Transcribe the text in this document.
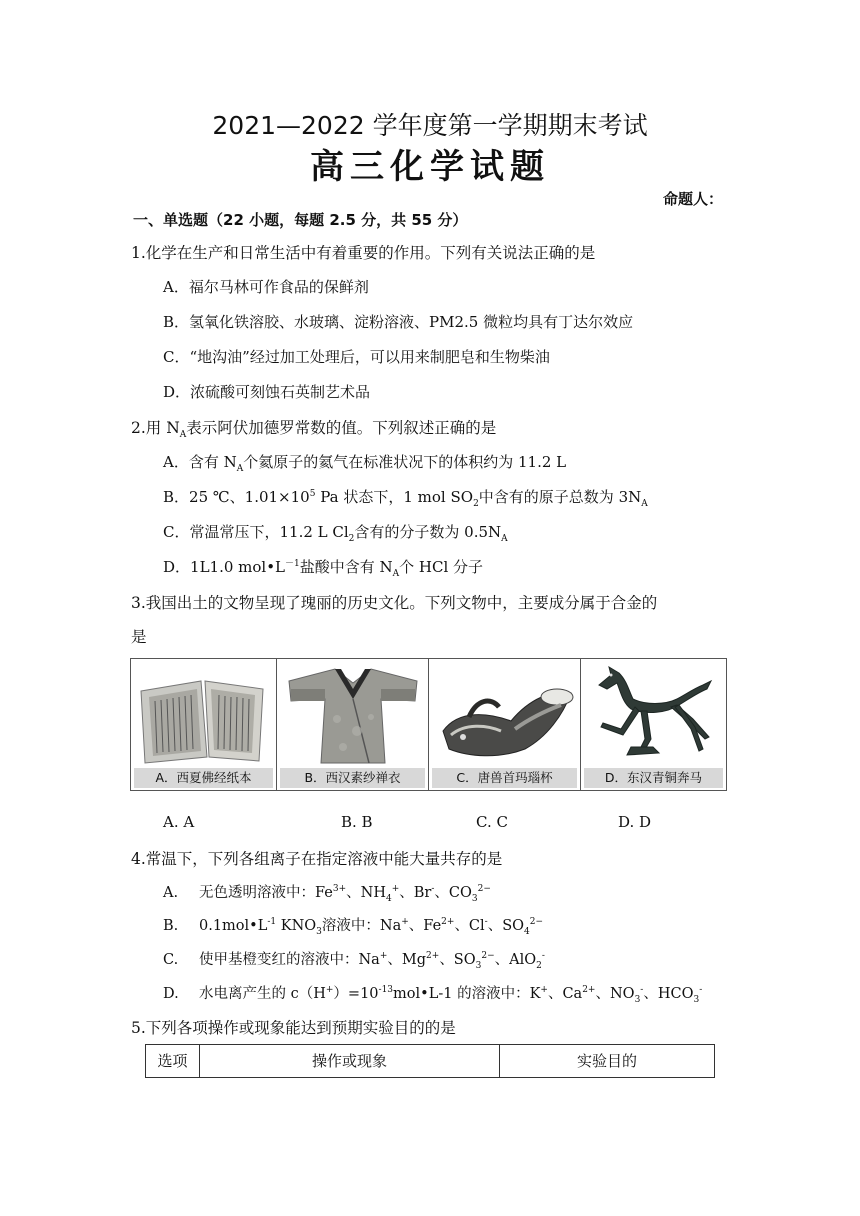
2021—2022 学年度第一学期期末考试
高三化学试题
命题人：
一、单选题（22 小题，每题 2.5 分，共 55 分）
1.化学在生产和日常生活中有着重要的作用。下列有关说法正确的是
A．福尔马林可作食品的保鲜剂
B．氢氧化铁溶胶、水玻璃、淀粉溶液、PM2.5 微粒均具有丁达尔效应
C．“地沟油”经过加工处理后，可以用来制肥皂和生物柴油
D．浓硫酸可刻蚀石英制艺术品
2.用 $N_A$表示阿伏加德罗常数的值。下列叙述正确的是
A．含有 $N_A$个氦原子的氦气在标准状况下的体积约为 11.2 L
B．25 ℃、$1.01\times 10^5$ Pa 状态下，1 mol $SO_2$中含有的原子总数为 $3N_A$
C．常温常压下，11.2 L $Cl_2$含有的分子数为 $0.5N_A$
D．1L1.0 $mol•L^{-1}$盐酸中含有 $N_A$个 HCl 分子
3.我国出土的文物呈现了瑰丽的历史文化。下列文物中，主要成分属于合金的
是
A．西夏佛经纸本	B．西汉素纱禅衣	C．唐兽首玛瑙杯	D．东汉青铜奔马
A. A	B. B	C. C	D. D
4.常温下，下列各组离子在指定溶液中能大量共存的是
A. 无色透明溶液中：$Fe^{3+}$、$NH_4^+$、Br-、$CO_3^{2-}$
B. $0.1mol•L^{-1}$ $KNO_3$溶液中：Na+、$Fe^{2+}$、Cl-、$SO_4^{2-}$
C. 使甲基橙变红的溶液中：Na+、$Mg^{2+}$、$SO_3^{2-}$、AlO$_2$-
D. 水电离产生的 $c(H^+)=10^{-13}mol•L-1$ 的溶液中：K+、$Ca^{2+}$、$NO_3^-$、$HCO_3^-$
5.下列各项操作或现象能达到预期实验目的的是
选项	操作或现象	实验目的
